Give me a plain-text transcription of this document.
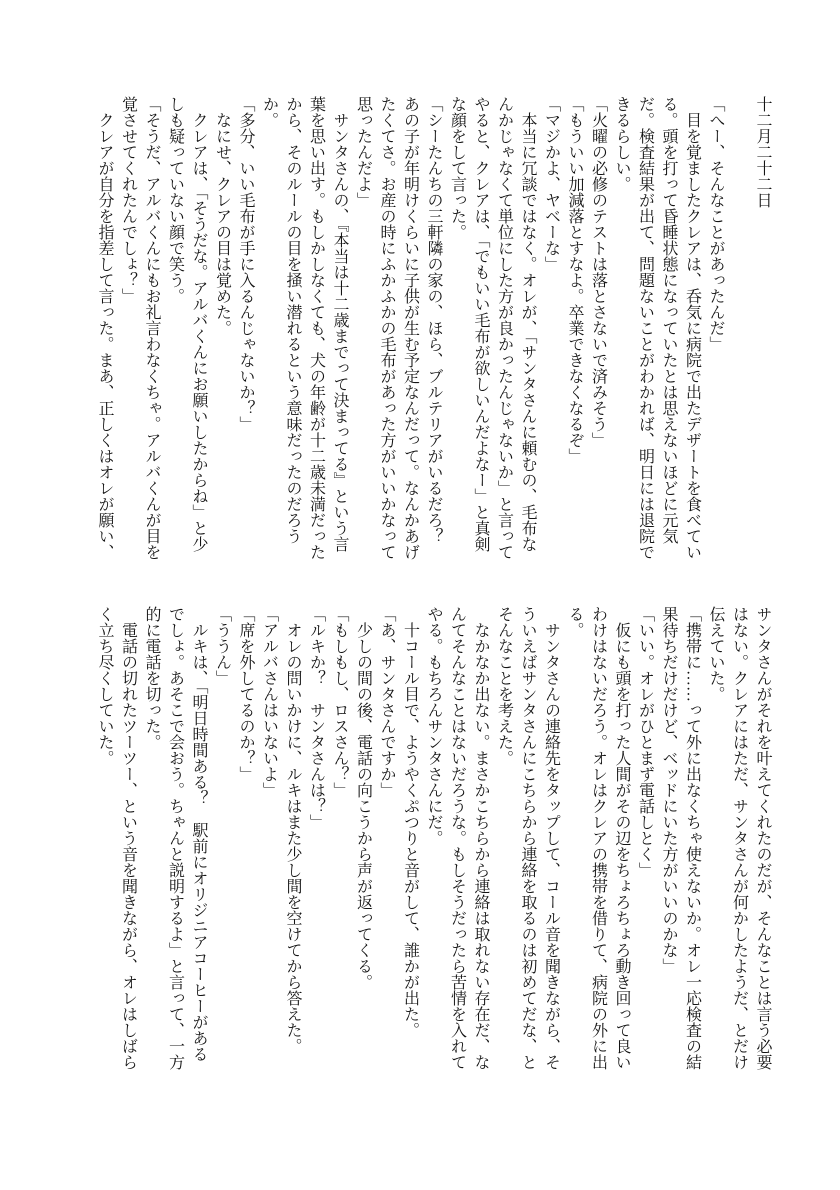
十二月二十二日
「へー、そんなことがあったんだ」
　目を覚ましたクレアは、呑気に病院で出たデザートを食べてい
る。頭を打って昏睡状態になっていたとは思えないほどに元気
だ。検査結果が出て、問題ないことがわかれば、明日には退院で
きるらしい。
「火曜の必修のテストは落とさないで済みそう」
「もういい加減落とすなよ。卒業できなくなるぞ」
「マジかよ、ヤベーな」
　本当に冗談ではなく。オレが、「サンタさんに頼むの、毛布な
んかじゃなくて単位にした方が良かったんじゃないか」と言って
やると、クレアは、「でもいい毛布が欲しいんだよなー」と真剣
な顔をして言った。
「シーたんちの三軒隣の家の、ほら、ブルテリアがいるだろ？
あの子が年明けくらいに子供が生む予定なんだって。なんかあげ
たくてさ。お産の時にふかふかの毛布があった方がいいかなって
思ったんだよ」
　サンタさんの、『本当は十二歳までって決まってる』という言
葉を思い出す。もしかしなくても、犬の年齢が十二歳未満だった
から、そのルールの目を掻い潜れるという意味だったのだろう
か。
「多分、いい毛布が手に入るんじゃないか？」
　なにせ、クレアの目は覚めた。
　クレアは、「そうだな。アルバくんにお願いしたからね」と少
しも疑っていない顔で笑う。
「そうだ、アルバくんにもお礼言わなくちゃ。アルバくんが目を
覚させてくれたんでしょ？」
　クレアが自分を指差して言った。まあ、正しくはオレが願い、
サンタさんがそれを叶えてくれたのだが、そんなことは言う必要
はない。クレアにはただ、サンタさんが何かしたようだ、とだけ
伝えていた。
「携帯に……って外に出なくちゃ使えないか。オレ一応検査の結
果待ちだけだけど、ベッドにいた方がいいのかな」
「いい。オレがひとまず電話しとく」
　仮にも頭を打った人間がその辺をちょろちょろ動き回って良い
わけはないだろう。オレはクレアの携帯を借りて、病院の外に出
る。
　サンタさんの連絡先をタップして、コール音を聞きながら、そ
ういえばサンタさんにこちらから連絡を取るのは初めてだな、と
そんなことを考えた。
　なかなか出ない。まさかこちらから連絡は取れない存在だ、な
んてそんなことはないだろうな。もしそうだったら苦情を入れて
やる。もちろんサンタさんにだ。
　十コール目で、ようやくぷつりと音がして、誰かが出た。
「あ、サンタさんですか」
　少しの間の後、電話の向こうから声が返ってくる。
「もしもし、ロスさん？」
「ルキか？　サンタさんは？」
　オレの問いかけに、ルキはまた少し間を空けてから答えた。
「アルバさんはいないよ」
「席を外してるのか？」
「ううん」
　ルキは、「明日時間ある？　駅前にオリジニアコーヒーがある
でしょ。あそこで会おう。ちゃんと説明するよ」と言って、一方
的に電話を切った。
　電話の切れたツーツー、という音を聞きながら、オレはしばら
く立ち尽くしていた。
